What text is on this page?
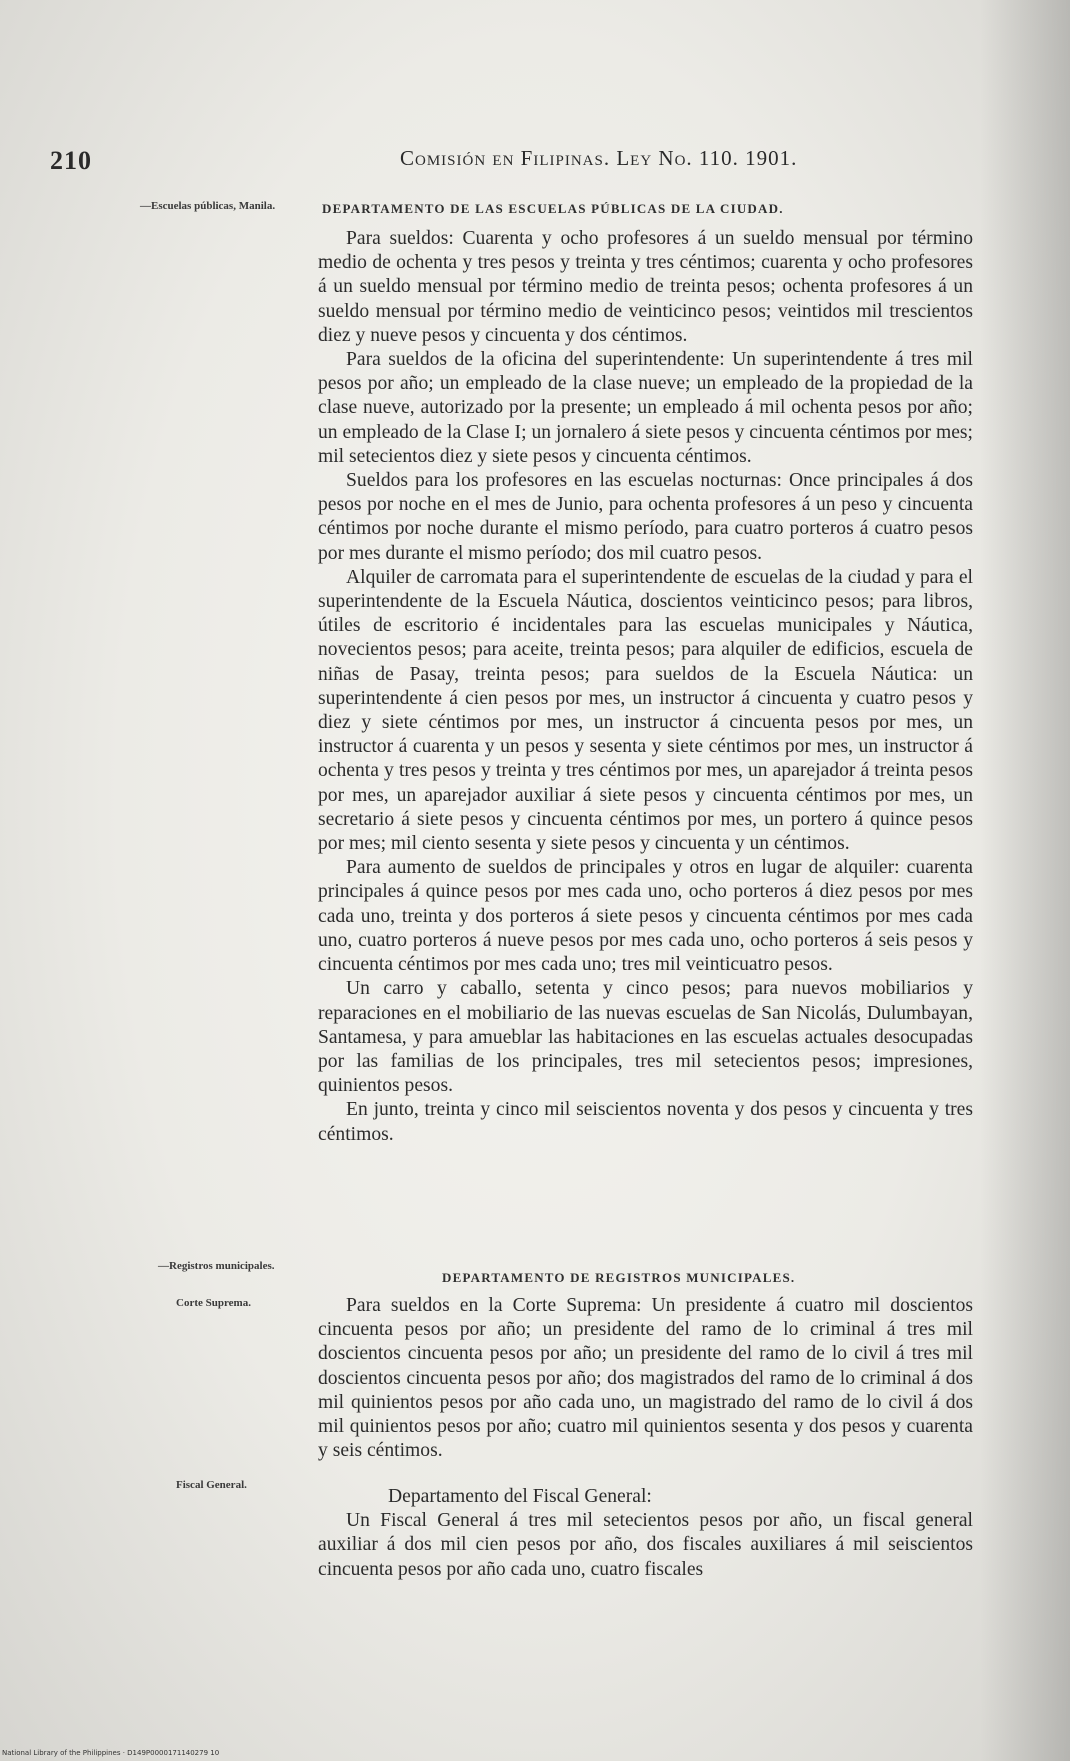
210	Comisión en Filipinas. Ley No. 110. 1901.
—Escuelas públicas, Manila.	DEPARTAMENTO DE LAS ESCUELAS PÚBLICAS DE LA CIUDAD.

Para sueldos: Cuarenta y ocho profesores á un sueldo mensual por término medio de ochenta y tres pesos y treinta y tres céntimos; cuarenta y ocho profesores á un sueldo mensual por término medio de treinta pesos; ochenta profesores á un sueldo mensual por término medio de veinticinco pesos; veintidos mil trescientos diez y nueve pesos y cincuenta y dos céntimos.

Para sueldos de la oficina del superintendente: Un superintendente á tres mil pesos por año; un empleado de la clase nueve; un empleado de la propiedad de la clase nueve, autorizado por la presente; un empleado á mil ochenta pesos por año; un empleado de la Clase I; un jornalero á siete pesos y cincuenta céntimos por mes; mil setecientos diez y siete pesos y cincuenta céntimos.

Sueldos para los profesores en las escuelas nocturnas: Once principales á dos pesos por noche en el mes de Junio, para ochenta profesores á un peso y cincuenta céntimos por noche durante el mismo período, para cuatro porteros á cuatro pesos por mes durante el mismo período; dos mil cuatro pesos.

Alquiler de carromata para el superintendente de escuelas de la ciudad y para el superintendente de la Escuela Náutica, doscientos veinticinco pesos; para libros, útiles de escritorio é incidentales para las escuelas municipales y Náutica, novecientos pesos; para aceite, treinta pesos; para alquiler de edificios, escuela de niñas de Pasay, treinta pesos; para sueldos de la Escuela Náutica: un superintendente á cien pesos por mes, un instructor á cincuenta y cuatro pesos y diez y siete céntimos por mes, un instructor á cincuenta pesos por mes, un instructor á cuarenta y un pesos y sesenta y siete céntimos por mes, un instructor á ochenta y tres pesos y treinta y tres céntimos por mes, un aparejador á treinta pesos por mes, un aparejador auxiliar á siete pesos y cincuenta céntimos por mes, un secretario á siete pesos y cincuenta céntimos por mes, un portero á quince pesos por mes; mil ciento sesenta y siete pesos y cincuenta y un céntimos.

Para aumento de sueldos de principales y otros en lugar de alquiler: cuarenta principales á quince pesos por mes cada uno, ocho porteros á diez pesos por mes cada uno, treinta y dos porteros á siete pesos y cincuenta céntimos por mes cada uno, cuatro porteros á nueve pesos por mes cada uno, ocho porteros á seis pesos y cincuenta céntimos por mes cada uno; tres mil veinticuatro pesos.

Un carro y caballo, setenta y cinco pesos; para nuevos mobiliarios y reparaciones en el mobiliario de las nuevas escuelas de San Nicolás, Dulumbayan, Santamesa, y para amueblar las habitaciones en las escuelas actuales desocupadas por las familias de los principales, tres mil setecientos pesos; impresiones, quinientos pesos.

En junto, treinta y cinco mil seiscientos noventa y dos pesos y cincuenta y tres céntimos.

—Registros municipales.
DEPARTAMENTO DE REGISTROS MUNICIPALES.
Corte Suprema.	Para sueldos en la Corte Suprema: Un presidente á cuatro mil doscientos cincuenta pesos por año; un presidente del ramo de lo criminal á tres mil doscientos cincuenta pesos por año; un presidente del ramo de lo civil á tres mil doscientos cincuenta pesos por año; dos magistrados del ramo de lo criminal á dos mil quinientos pesos por año cada uno, un magistrado del ramo de lo civil á dos mil quinientos pesos por año; cuatro mil quinientos sesenta y dos pesos y cuarenta y seis céntimos.

Fiscal General.

Departamento del Fiscal General:

Un Fiscal General á tres mil setecientos pesos por año, un fiscal general auxiliar á dos mil cien pesos por año, dos fiscales auxiliares á mil seiscientos cincuenta pesos por año cada uno, cuatro fiscales

National Library of the Philippines · D149P0000171140279 10
